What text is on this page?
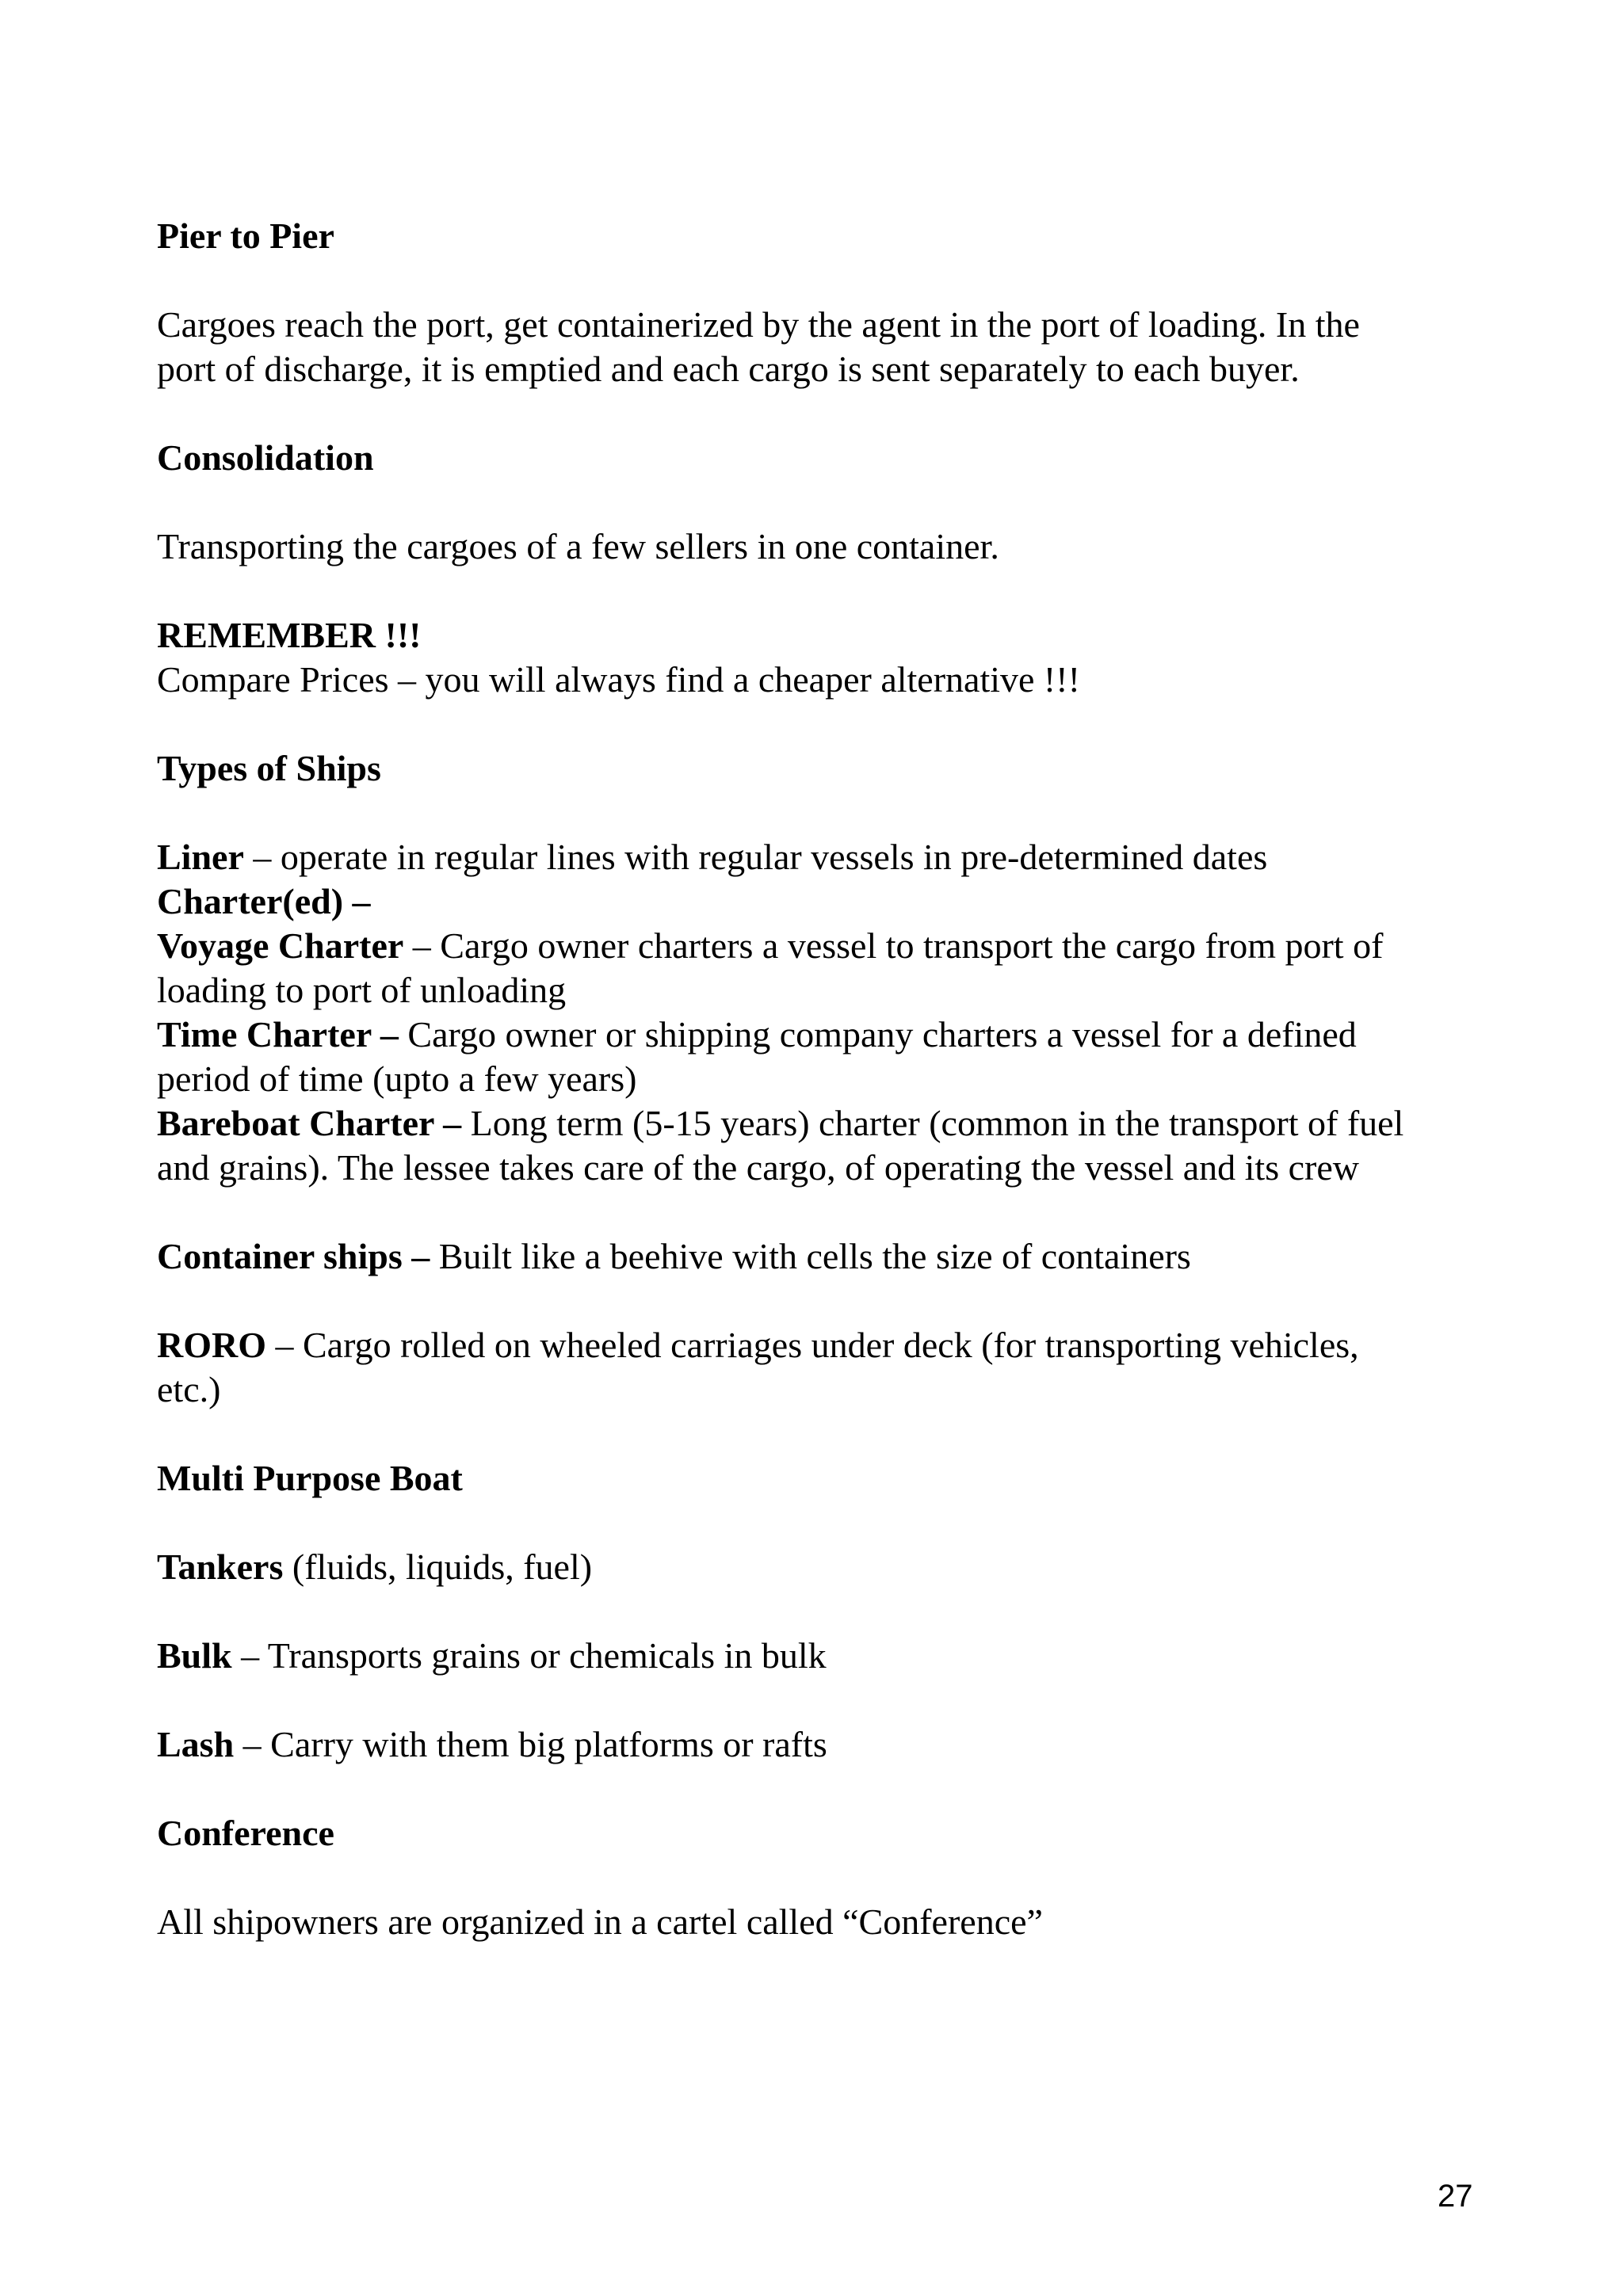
Pier to Pier
Cargoes reach the port, get containerized by the agent in the port of loading. In the
port of discharge, it is emptied and each cargo is sent separately to each buyer.
Consolidation
Transporting the cargoes of a few sellers in one container.
REMEMBER !!!
Compare Prices – you will always find a cheaper alternative !!!
Types of Ships
Liner – operate in regular lines with regular vessels in pre-determined dates
Charter(ed) –
Voyage Charter – Cargo owner charters a vessel to transport the cargo from port of
loading to port of unloading
Time Charter – Cargo owner or shipping company charters a vessel for a defined
period of time (upto a few years)
Bareboat Charter – Long term (5-15 years) charter (common in the transport of fuel
and grains). The lessee takes care of the cargo, of operating the vessel and its crew
Container ships – Built like a beehive with cells the size of containers
RORO – Cargo rolled on wheeled carriages under deck (for transporting vehicles,
etc.)
Multi Purpose Boat
Tankers (fluids, liquids, fuel)
Bulk – Transports grains or chemicals in bulk
Lash – Carry with them big platforms or rafts
Conference
All shipowners are organized in a cartel called “Conference”
27
